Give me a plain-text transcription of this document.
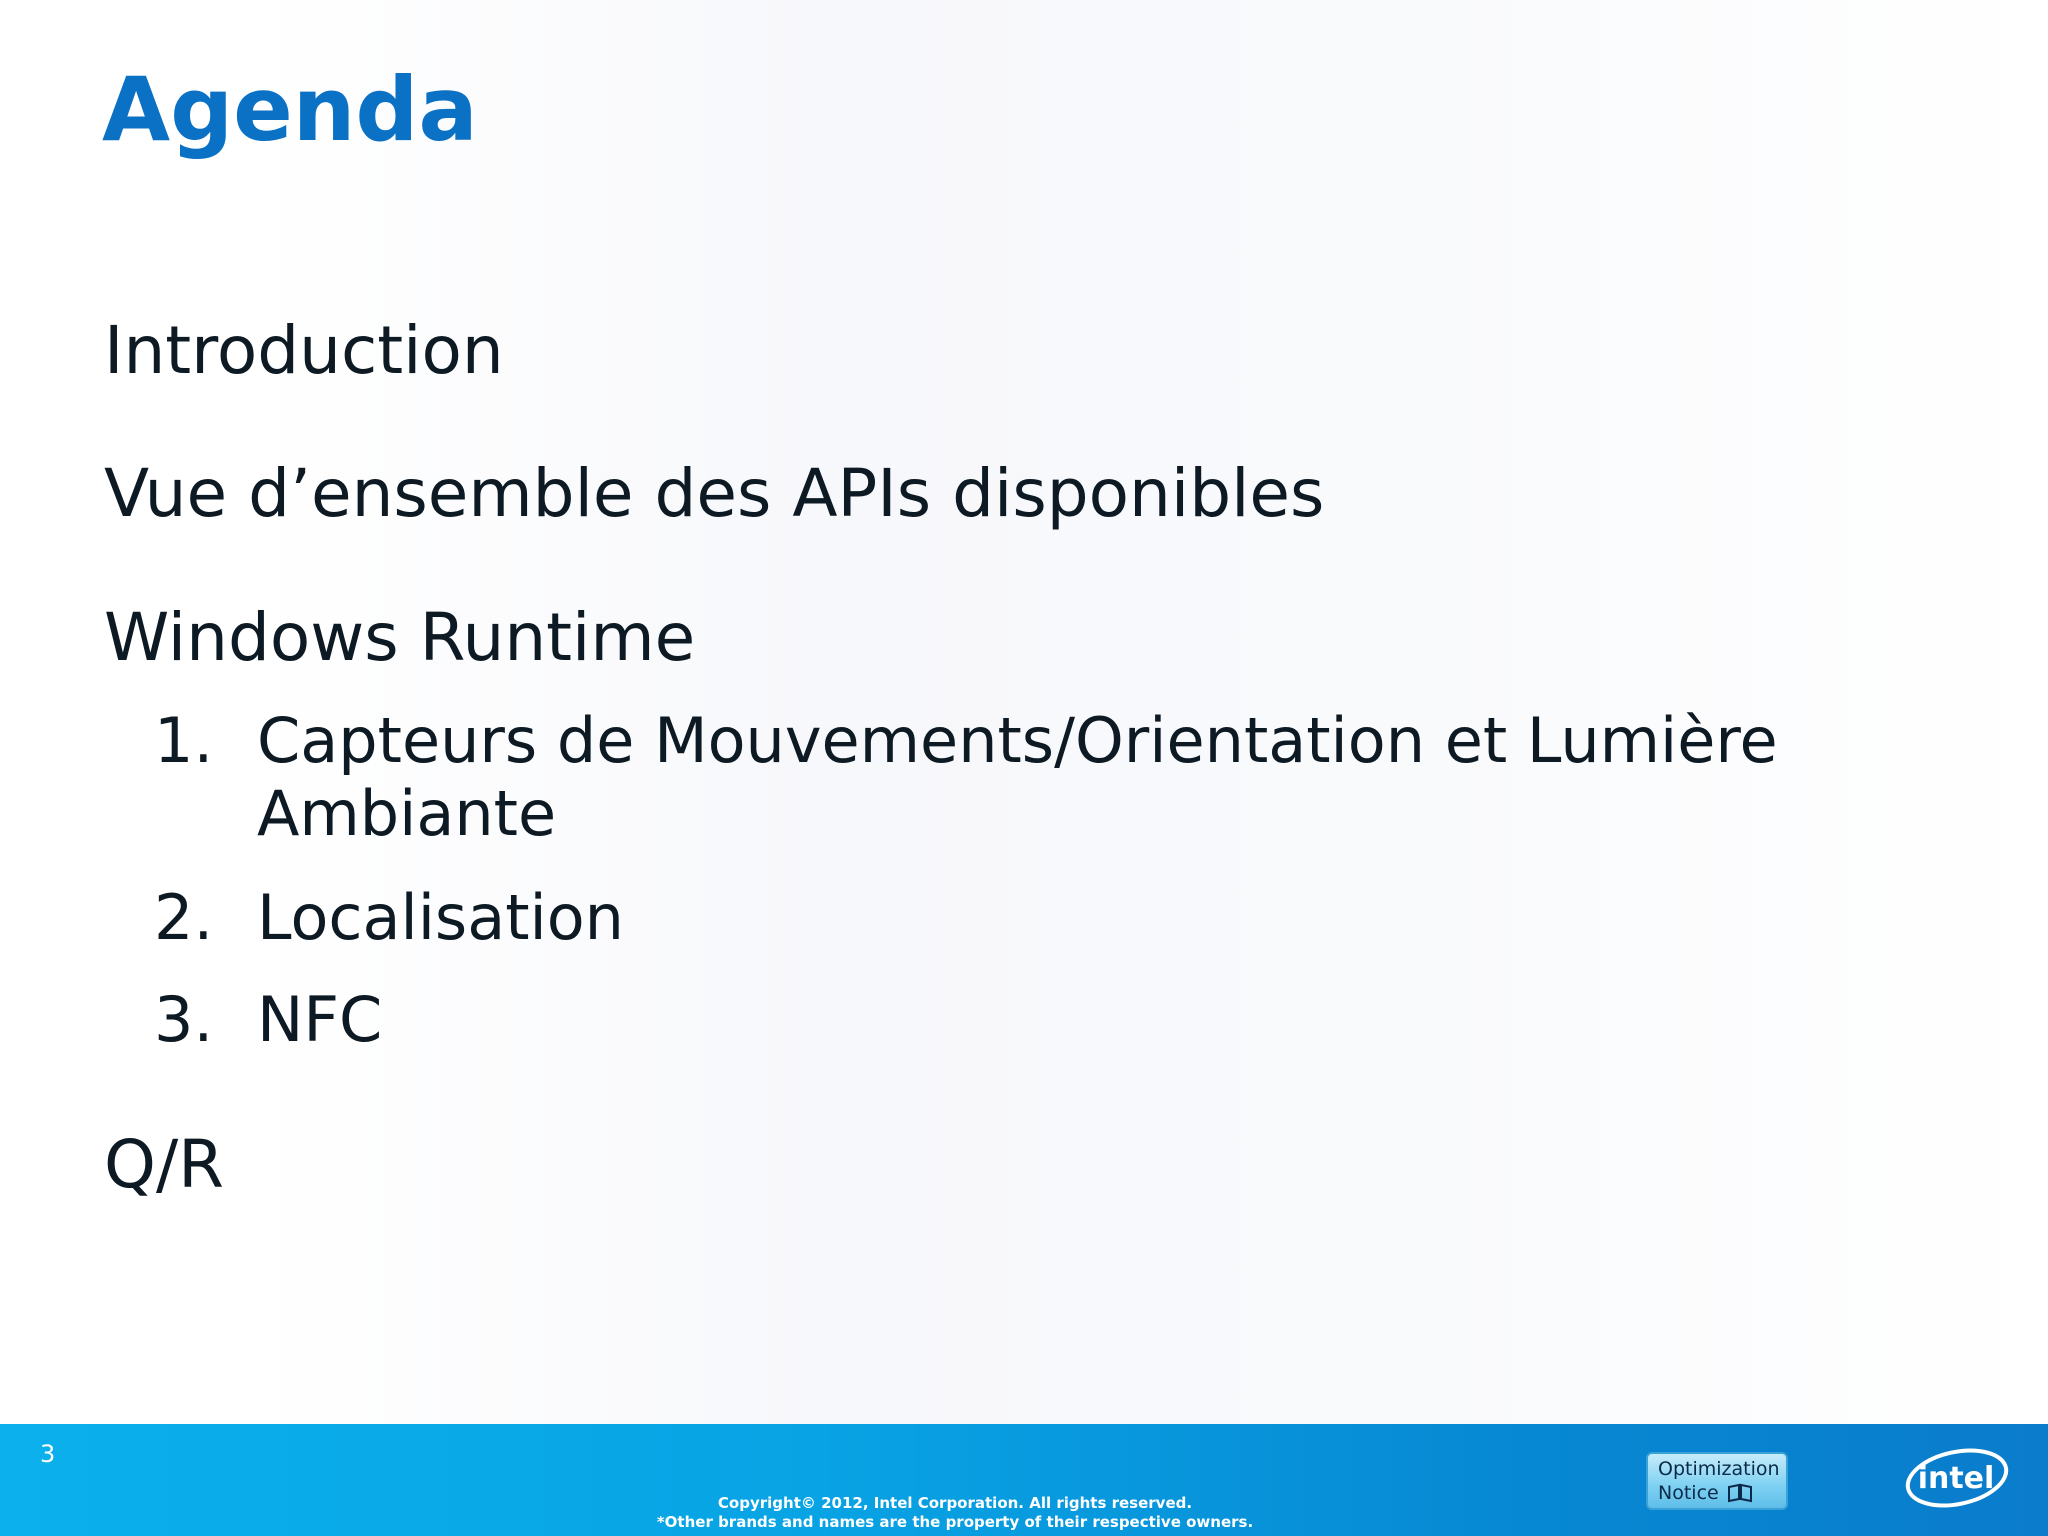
Agenda
Introduction
Vue d’ensemble des APIs disponibles
Windows Runtime
1. Capteurs de Mouvements/Orientation et Lumière Ambiante
2. Localisation
3. NFC
Q/R
3
Copyright© 2012, Intel Corporation. All rights reserved.
*Other brands and names are the property of their respective owners.
Optimization
Notice	intel
